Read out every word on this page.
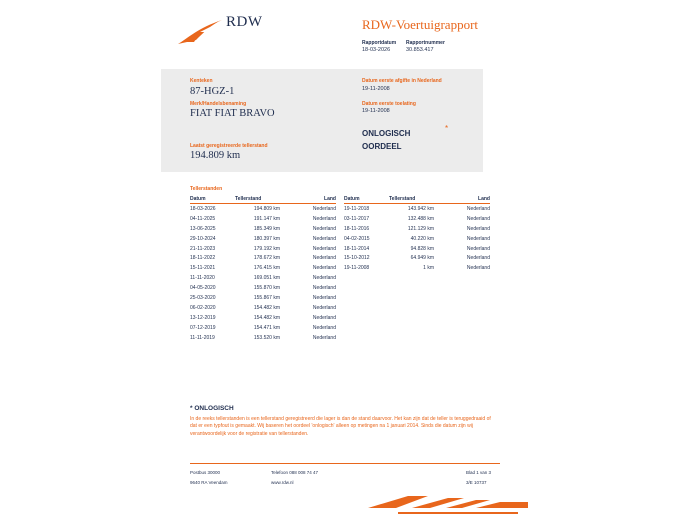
RDW	RDW-Voertuigrapport
Rapportdatum
18-03-2026
Rapportnummer
30.853.417
Kenteken
87-HGZ-1
Merk/Handelsbenaming
FIAT FIAT BRAVO
Laatst geregistreerde tellerstand
194.809 km
Datum eerste afgifte in Nederland
19-11-2008
Datum eerste toelating
19-11-2008
ONLOGISCH
OORDEEL
*
Tellerstanden
Datum	Tellerstand	Land
18-03-2026	194.809 km	Nederland
04-11-2025	191.147 km	Nederland
13-06-2025	185.349 km	Nederland
29-10-2024	180.397 km	Nederland
21-11-2023	179.192 km	Nederland
18-11-2022	178.672 km	Nederland
15-11-2021	176.415 km	Nederland
11-11-2020	169.051 km	Nederland
04-05-2020	155.870 km	Nederland
25-03-2020	155.867 km	Nederland
06-02-2020	154.482 km	Nederland
13-12-2019	154.482 km	Nederland
07-12-2019	154.471 km	Nederland
11-11-2019	153.520 km	Nederland
Datum	Tellerstand	Land
19-11-2018	143.942 km	Nederland
03-11-2017	132.488 km	Nederland
18-11-2016	121.129 km	Nederland
04-02-2015	40.220 km	Nederland
18-11-2014	94.828 km	Nederland
15-10-2012	64.949 km	Nederland
19-11-2008	1 km	Nederland
* ONLOGISCH
In de reeks tellerstanden is een tellerstand geregistreerd die lager is dan de stand daarvoor. Het kan zijn dat de teller is teruggedraaid of dat er een typfout is gemaakt. Wij baseren het oordeel 'onlogisch' alleen op metingen na 1 januari 2014. Sinds die datum zijn wij verantwoordelijk voor de registratie van tellerstanden.
Postbus 30000
9640 RA Veendam
Telefoon 088 008 74 47
www.rdw.nl
Blad 1 van 3
3/E 10737
